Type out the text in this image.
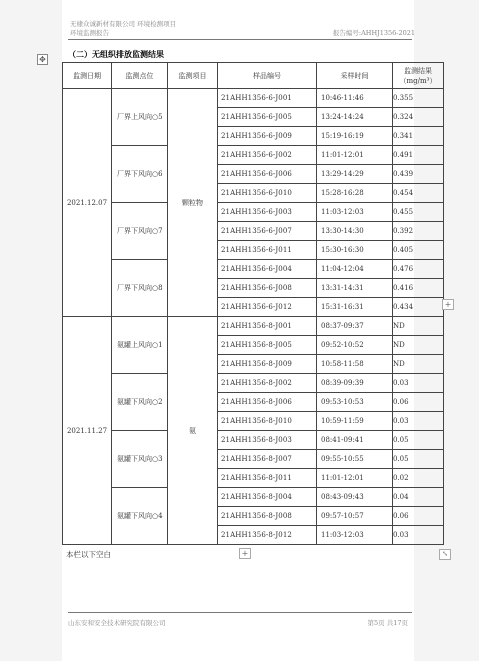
无棣众诚新材有限公司 环境检测项目
环境监测报告	报告编号:AHHJ1356-2021
✥
（二）无组织排放监测结果
监测日期	监测点位	监测项目	样品编号	采样时间	监测结果（mg/m³）
2021.12.07	厂界上风向○5	颗粒物	21AHH1356-6-J001	10:46-11:46	0.355
			21AHH1356-6-J005	13:24-14:24	0.324
			21AHH1356-6-J009	15:19-16:19	0.341
	厂界下风向○6		21AHH1356-6-J002	11:01-12:01	0.491
			21AHH1356-6-J006	13:29-14:29	0.439
			21AHH1356-6-J010	15:28-16:28	0.454
	厂界下风向○7		21AHH1356-6-J003	11:03-12:03	0.455
			21AHH1356-6-J007	13:30-14:30	0.392
			21AHH1356-6-J011	15:30-16:30	0.405
	厂界下风向○8		21AHH1356-6-J004	11:04-12:04	0.476
			21AHH1356-6-J008	13:31-14:31	0.416
			21AHH1356-6-J012	15:31-16:31	0.434
2021.11.27	氨罐上风向○1	氨	21AHH1356-8-J001	08:37-09:37	ND
			21AHH1356-8-J005	09:52-10:52	ND
			21AHH1356-8-J009	10:58-11:58	ND
	氨罐下风向○2		21AHH1356-8-J002	08:39-09:39	0.03
			21AHH1356-8-J006	09:53-10:53	0.06
			21AHH1356-8-J010	10:59-11:59	0.03
	氨罐下风向○3		21AHH1356-8-J003	08:41-09:41	0.05
			21AHH1356-8-J007	09:55-10:55	0.05
			21AHH1356-8-J011	11:01-12:01	0.02
	氨罐下风向○4		21AHH1356-8-J004	08:43-09:43	0.04
			21AHH1356-8-J008	09:57-10:57	0.06
			21AHH1356-8-J012	11:03-12:03	0.03
+
本栏以下空白	+	⤡
山东安和安全技术研究院有限公司	第5页 共17页
